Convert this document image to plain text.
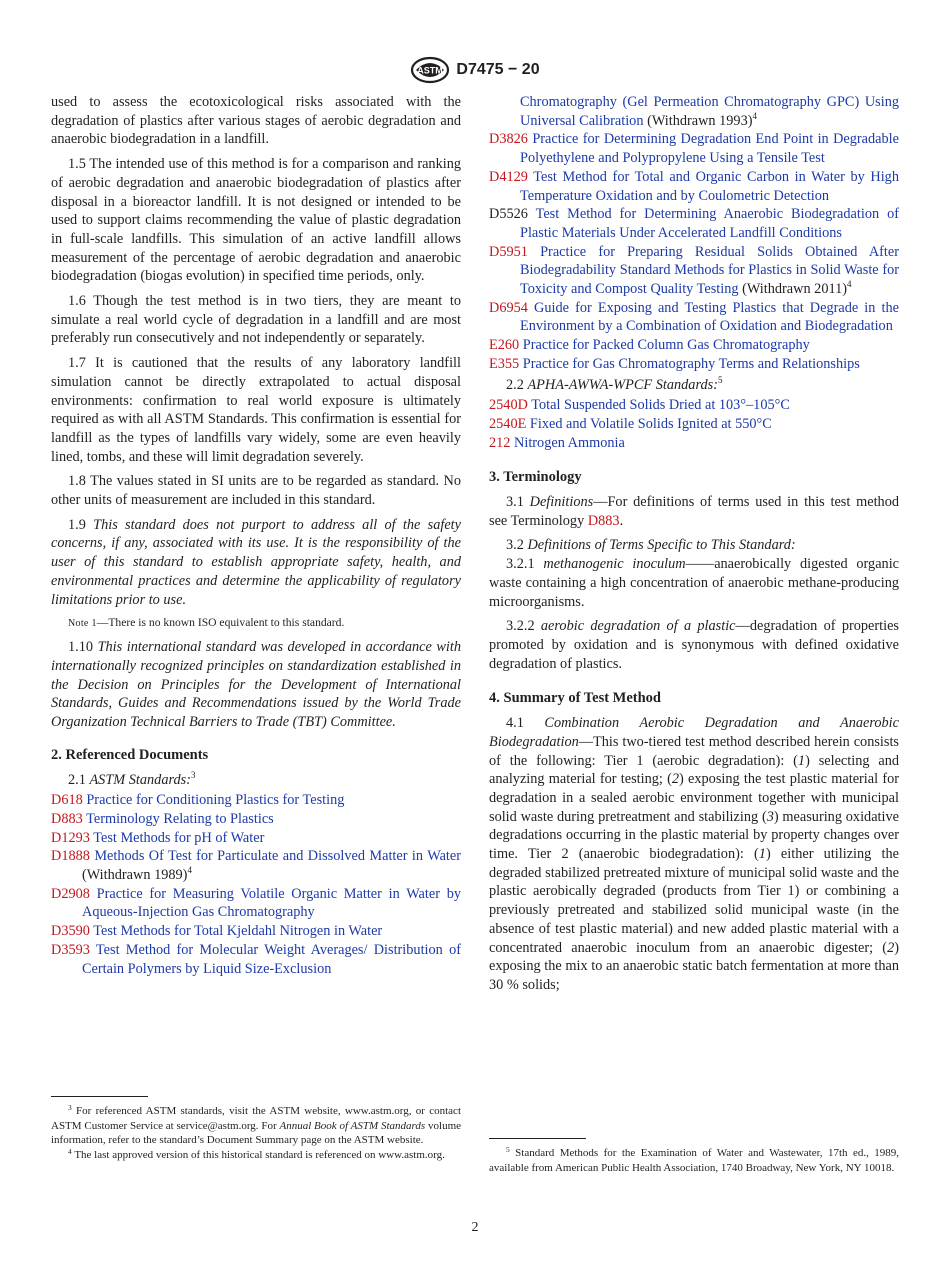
ASTM D7475 − 20

used to assess the ecotoxicological risks associated with the degradation of plastics after various stages of aerobic degradation and anaerobic biodegradation in a landfill.

1.5 The intended use of this method is for a comparison and ranking of aerobic degradation and anaerobic biodegradation of plastics after disposal in a bioreactor landfill. It is not designed or intended to be used to support claims recommending the value of plastic degradation in full-scale landfills. This simulation of an active landfill allows measurement of the percentage of aerobic degradation and anaerobic biodegradation (biogas evolution) in specified time periods, only.

1.6 Though the test method is in two tiers, they are meant to simulate a real world cycle of degradation in a landfill and are most preferably run consecutively and not independently or separately.

1.7 It is cautioned that the results of any laboratory landfill simulation cannot be directly extrapolated to actual disposal environments: confirmation to real world exposure is ultimately required as with all ASTM Standards. This confirmation is essential for landfill as the types of landfills vary widely, some are even heavily lined, tombs, and these will limit degradation severely.

1.8 The values stated in SI units are to be regarded as standard. No other units of measurement are included in this standard.

1.9 This standard does not purport to address all of the safety concerns, if any, associated with its use. It is the responsibility of the user of this standard to establish appropriate safety, health, and environmental practices and determine the applicability of regulatory limitations prior to use.

Note 1—There is no known ISO equivalent to this standard.

1.10 This international standard was developed in accordance with internationally recognized principles on standardization established in the Decision on Principles for the Development of International Standards, Guides and Recommendations issued by the World Trade Organization Technical Barriers to Trade (TBT) Committee.

2. Referenced Documents

2.1 ASTM Standards:$^3$

D618 Practice for Conditioning Plastics for Testing

D883 Terminology Relating to Plastics

D1293 Test Methods for pH of Water

D1888 Methods Of Test for Particulate and Dissolved Matter in Water (Withdrawn 1989)$^4$

D2908 Practice for Measuring Volatile Organic Matter in Water by Aqueous-Injection Gas Chromatography

D3590 Test Methods for Total Kjeldahl Nitrogen in Water

D3593 Test Method for Molecular Weight Averages/ Distribution of Certain Polymers by Liquid Size-Exclusion

Chromatography (Gel Permeation Chromatography GPC) Using Universal Calibration (Withdrawn 1993)$^4$

D3826 Practice for Determining Degradation End Point in Degradable Polyethylene and Polypropylene Using a Tensile Test

D4129 Test Method for Total and Organic Carbon in Water by High Temperature Oxidation and by Coulometric Detection

D5526 Test Method for Determining Anaerobic Biodegradation of Plastic Materials Under Accelerated Landfill Conditions

D5951 Practice for Preparing Residual Solids Obtained After Biodegradability Standard Methods for Plastics in Solid Waste for Toxicity and Compost Quality Testing (Withdrawn 2011)$^4$

D6954 Guide for Exposing and Testing Plastics that Degrade in the Environment by a Combination of Oxidation and Biodegradation

E260 Practice for Packed Column Gas Chromatography

E355 Practice for Gas Chromatography Terms and Relationships

2.2 APHA-AWWA-WPCF Standards:$^5$

2540D Total Suspended Solids Dried at 103°–105°C

2540E Fixed and Volatile Solids Ignited at 550°C

212 Nitrogen Ammonia

3. Terminology

3.1 Definitions—For definitions of terms used in this test method see Terminology D883.

3.2 Definitions of Terms Specific to This Standard:

3.2.1 methanogenic inoculum——anaerobically digested organic waste containing a high concentration of anaerobic methane-producing microorganisms.

3.2.2 aerobic degradation of a plastic—degradation of properties promoted by oxidation and is synonymous with defined oxidative degradation of plastics.

4. Summary of Test Method

4.1 Combination Aerobic Degradation and Anaerobic Biodegradation—This two-tiered test method described herein consists of the following: Tier 1 (aerobic degradation): (1) selecting and analyzing material for testing; (2) exposing the test plastic material for degradation in a sealed aerobic environment together with municipal solid waste during pretreatment and stabilizing (3) measuring oxidative degradations occurring in the plastic material by property changes over time. Tier 2 (anaerobic biodegradation): (1) either utilizing the degraded stabilized pretreated mixture of municipal solid waste and the plastic aerobically degraded (products from Tier 1) or combining a previously pretreated and stabilized solid municipal waste (in the absence of test plastic material) and new added plastic material with a concentrated anaerobic inoculum from an anaerobic digester; (2) exposing the mix to an anaerobic static batch fermentation at more than 30 % solids;

$^3$ For referenced ASTM standards, visit the ASTM website, www.astm.org, or contact ASTM Customer Service at service@astm.org. For Annual Book of ASTM Standards volume information, refer to the standard’s Document Summary page on the ASTM website.
$^4$ The last approved version of this historical standard is referenced on www.astm.org.	$^5$ Standard Methods for the Examination of Water and Wastewater, 17th ed., 1989, available from American Public Health Association, 1740 Broadway, New York, NY 10018.
2
